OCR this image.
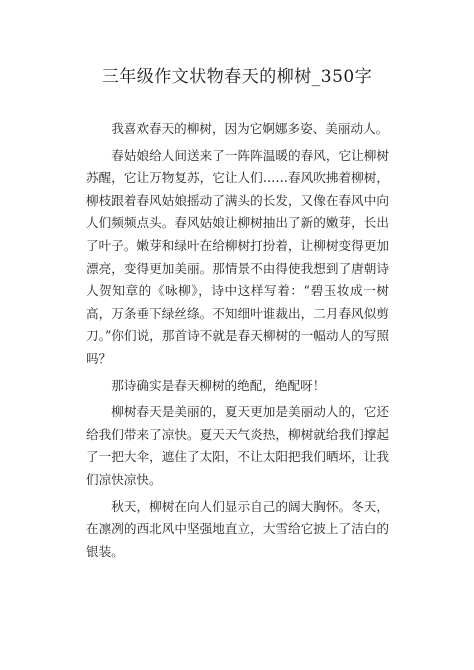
三年级作文状物春天的柳树_350字

我喜欢春天的柳树，因为它婀娜多姿、美丽动人。

春姑娘给人间送来了一阵阵温暖的春风，它让柳树苏醒，它让万物复苏，它让人们……春风吹拂着柳树，柳枝跟着春风姑娘摇动了满头的长发，又像在春风中向人们频频点头。春风姑娘让柳树抽出了新的嫩芽，长出了叶子。嫩芽和绿叶在给柳树打扮着，让柳树变得更加漂亮，变得更加美丽。那情景不由得使我想到了唐朝诗人贺知章的《咏柳》，诗中这样写着：“碧玉妆成一树高，万条垂下绿丝绦。不知细叶谁裁出，二月春风似剪刀。”你们说，那首诗不就是春天柳树的一幅动人的写照吗？

那诗确实是春天柳树的绝配，绝配呀！

柳树春天是美丽的，夏天更加是美丽动人的，它还给我们带来了凉快。夏天天气炎热，柳树就给我们撑起了一把大伞，遮住了太阳，不让太阳把我们晒坏，让我们凉快凉快。

秋天，柳树在向人们显示自己的阔大胸怀。冬天，在凛冽的西北风中坚强地直立，大雪给它披上了洁白的银装。
